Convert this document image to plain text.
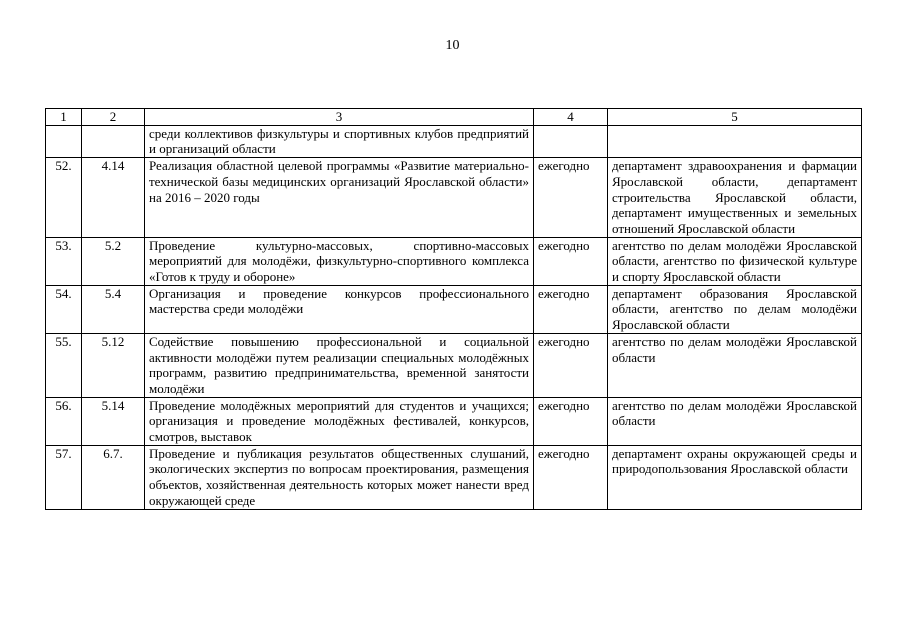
10
1	2	3	4	5
		среди коллективов физкультуры и спортивных клубов предприятий и организаций области		
52.	4.14	Реализация областной целевой программы «Развитие материально-технической базы медицинских организаций Ярославской области» на 2016 – 2020 годы	ежегодно	департамент здравоохранения и фармации Ярославской области, департамент строительства Ярославской области, департамент имущественных и земельных отношений Ярославской области
53.	5.2	Проведение культурно-массовых, спортивно-массовых мероприятий для молодёжи, физкультурно-спортивного комплекса «Готов к труду и обороне»	ежегодно	агентство по делам молодёжи Ярославской области, агентство по физической культуре и спорту Ярославской области
54.	5.4	Организация и проведение конкурсов профессионального мастерства среди молодёжи	ежегодно	департамент образования Ярославской области, агентство по делам молодёжи Ярославской области
55.	5.12	Содействие повышению профессиональной и социальной активности молодёжи путем реализации специальных молодёжных программ, развитию предпринимательства, временной занятости молодёжи	ежегодно	агентство по делам молодёжи Ярославской области
56.	5.14	Проведение молодёжных мероприятий для студентов и учащихся; организация и проведение молодёжных фестивалей, конкурсов, смотров, выставок	ежегодно	агентство по делам молодёжи Ярославской области
57.	6.7.	Проведение и публикация результатов общественных слушаний, экологических экспертиз по вопросам проектирования, размещения объектов, хозяйственная деятельность которых может нанести вред окружающей среде	ежегодно	департамент охраны окружающей среды и природопользования Ярославской области
